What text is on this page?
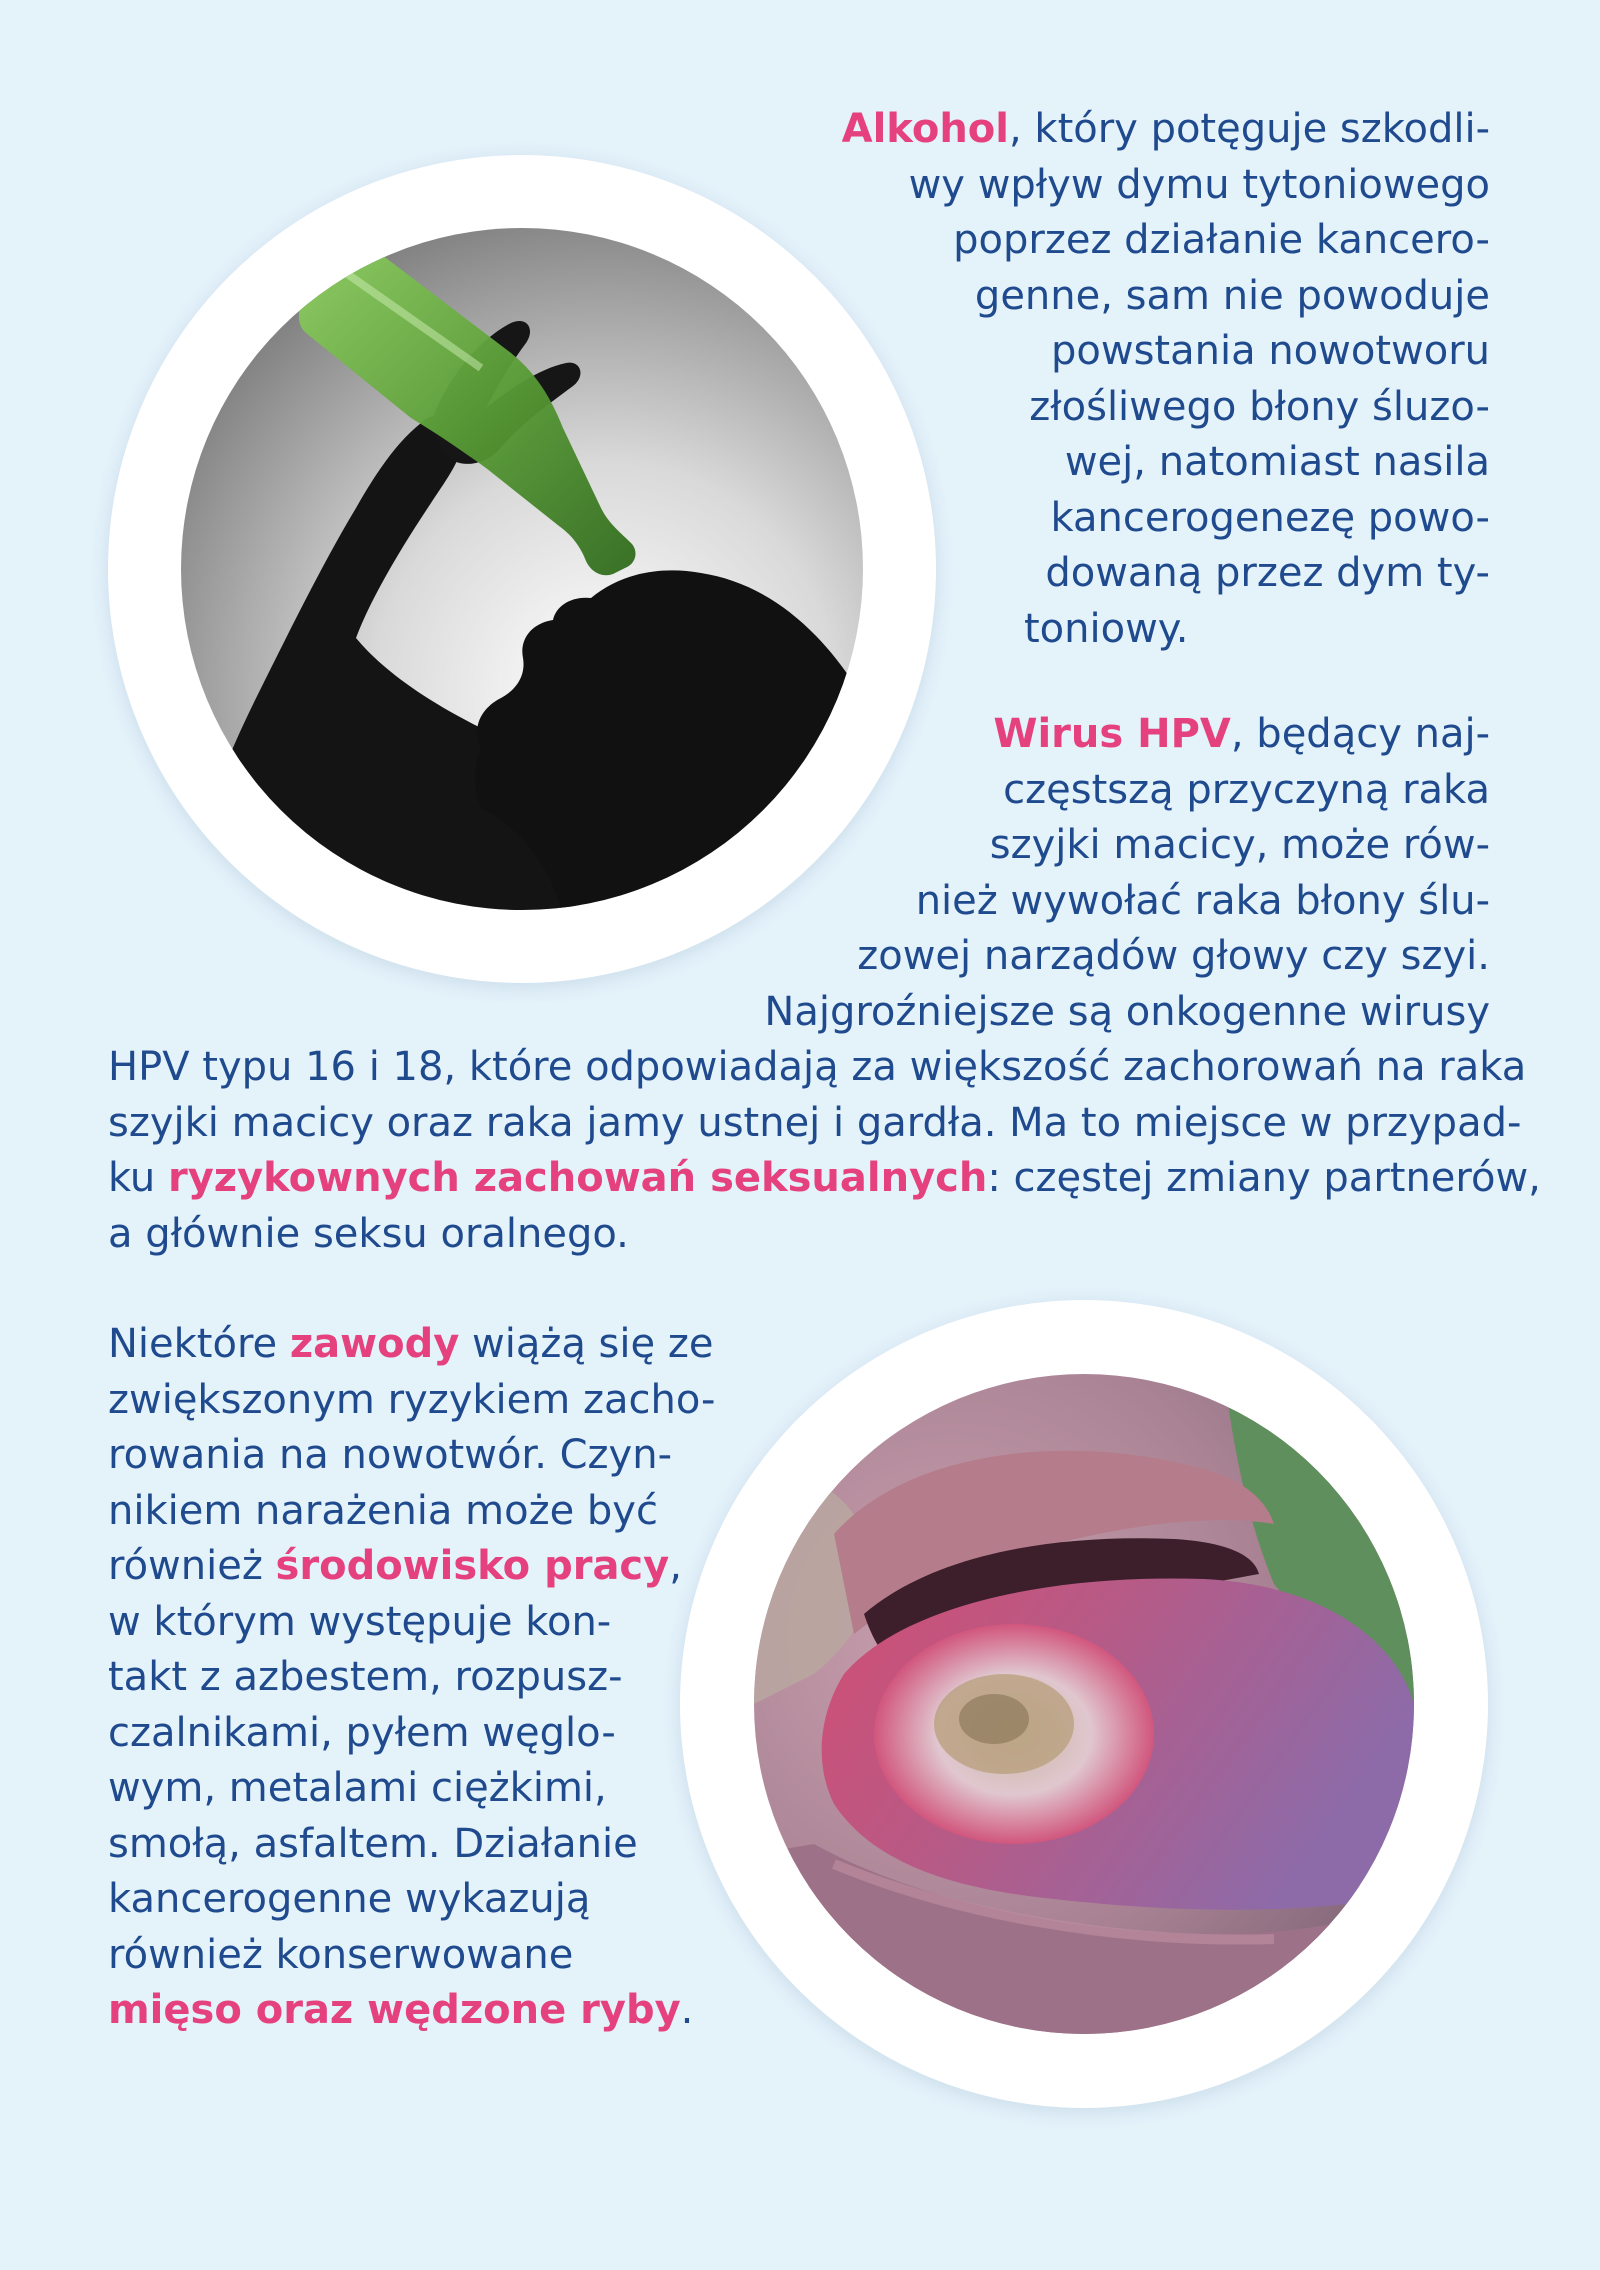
Alkohol, który potęguje szkodli-
wy wpływ dymu tytoniowego
poprzez działanie kancero-
genne, sam nie powoduje
powstania nowotworu
złośliwego błony śluzo-
wej, natomiast nasila
kancerogenezę powo-
dowaną przez dym ty-
toniowy.
Wirus HPV, będący naj-
częstszą przyczyną raka
szyjki macicy, może rów-
nież wywołać raka błony ślu-
zowej narządów głowy czy szyi.
Najgroźniejsze są onkogenne wirusy
HPV typu 16 i 18, które odpowiadają za większość zachorowań na raka
szyjki macicy oraz raka jamy ustnej i gardła. Ma to miejsce w przypad-
ku ryzykownych zachowań seksualnych: częstej zmiany partnerów,
a głównie seksu oralnego.
Niektóre zawody wiążą się ze
zwiększonym ryzykiem zacho-
rowania na nowotwór. Czyn-
nikiem narażenia może być
również środowisko pracy,
w którym występuje kon-
takt z azbestem, rozpusz-
czalnikami, pyłem węglo-
wym, metalami ciężkimi,
smołą, asfaltem. Działanie
kancerogenne wykazują
również konserwowane
mięso oraz wędzone ryby.
